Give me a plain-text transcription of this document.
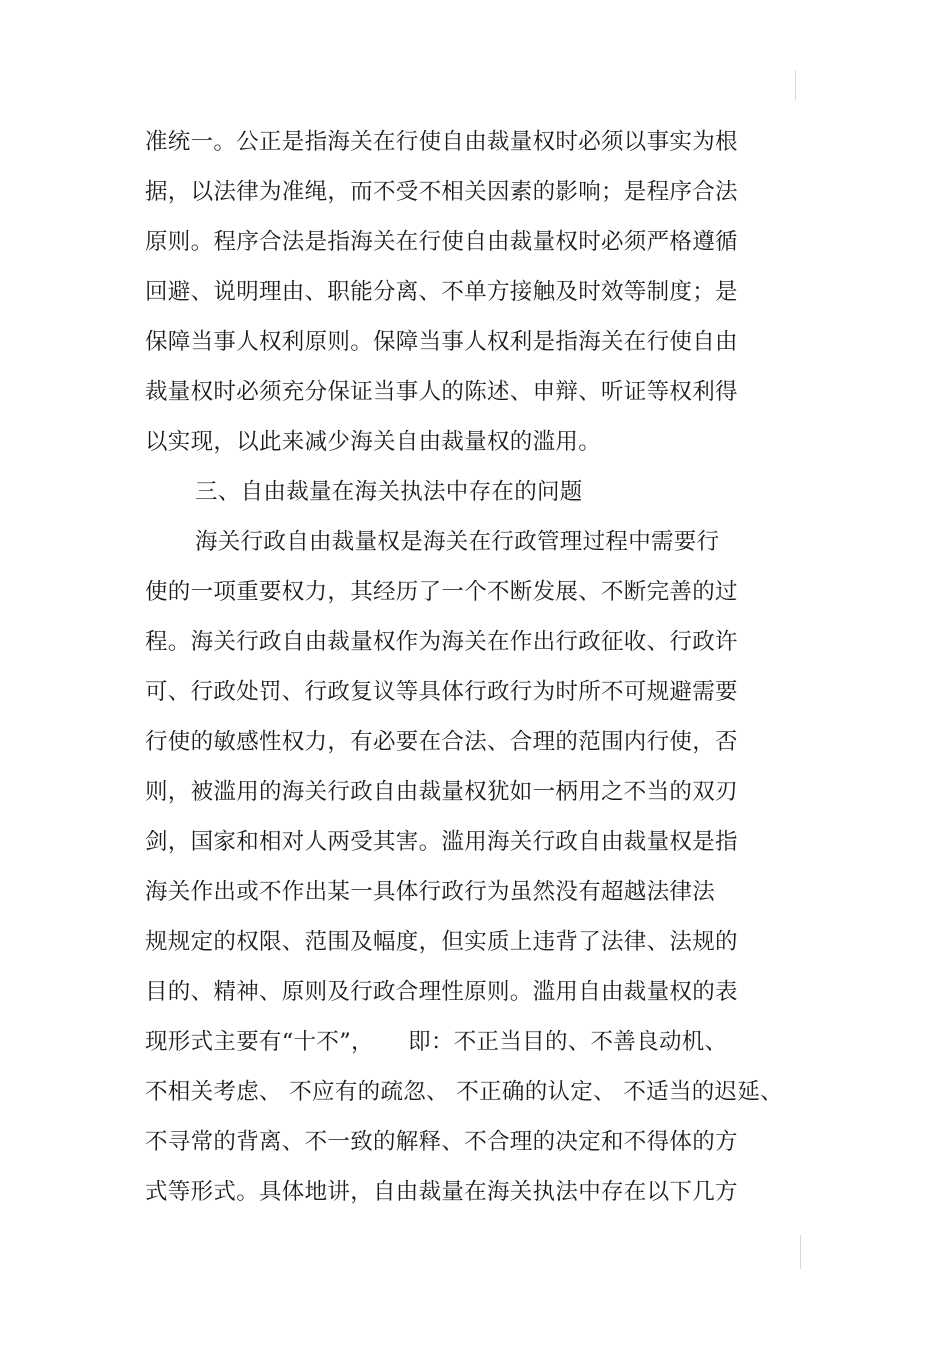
准统一。公正是指海关在行使自由裁量权时必须以事实为根
据，以法律为准绳，而不受不相关因素的影响；是程序合法
原则。程序合法是指海关在行使自由裁量权时必须严格遵循
回避、说明理由、职能分离、不单方接触及时效等制度；是
保障当事人权利原则。保障当事人权利是指海关在行使自由
裁量权时必须充分保证当事人的陈述、申辩、听证等权利得
以实现，以此来减少海关自由裁量权的滥用。
三、自由裁量在海关执法中存在的问题
海关行政自由裁量权是海关在行政管理过程中需要行
使的一项重要权力，其经历了一个不断发展、不断完善的过
程。海关行政自由裁量权作为海关在作出行政征收、行政许
可、行政处罚、行政复议等具体行政行为时所不可规避需要
行使的敏感性权力，有必要在合法、合理的范围内行使，否
则，被滥用的海关行政自由裁量权犹如一柄用之不当的双刃
剑，国家和相对人两受其害。滥用海关行政自由裁量权是指
海关作出或不作出某一具体行政行为虽然没有超越法律法
规规定的权限、范围及幅度，但实质上违背了法律、法规的
目的、精神、原则及行政合理性原则。滥用自由裁量权的表
现形式主要有“十不”，　　即：不正当目的、不善良动机、
不相关考虑、 不应有的疏忽、 不正确的认定、 不适当的迟延、
不寻常的背离、不一致的解释、不合理的决定和不得体的方
式等形式。具体地讲，自由裁量在海关执法中存在以下几方
